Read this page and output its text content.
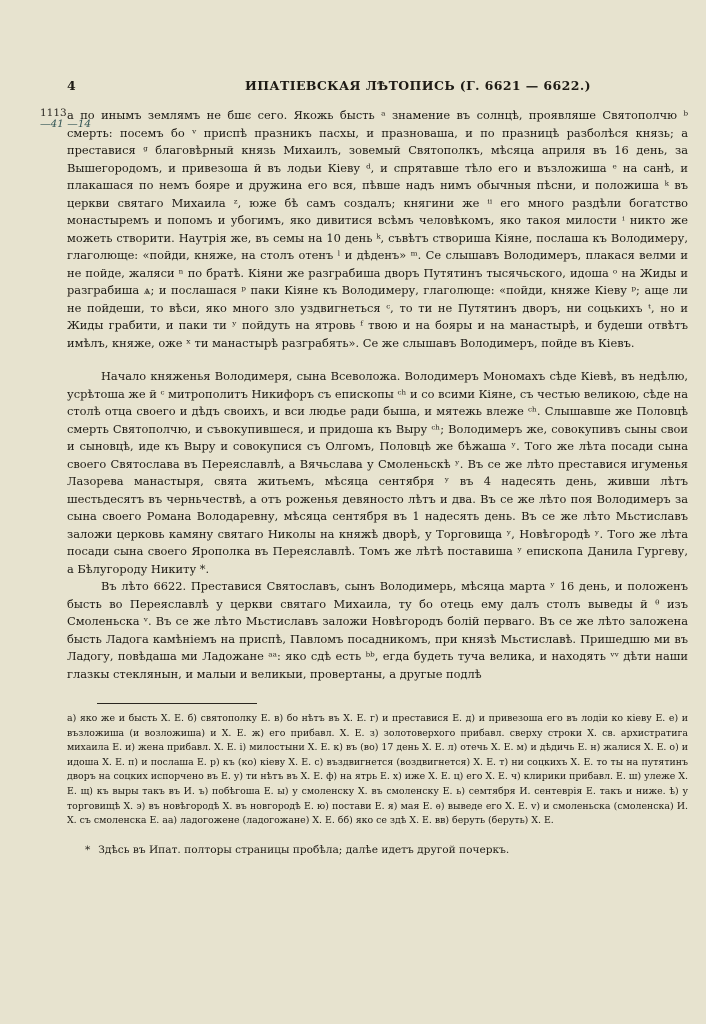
4	ИПАТІЕВСКАЯ ЛѢТОПИСЬ (Г. 6621 — 6622.)
1113
—41 —14

а по инымъ землямъ не бшє сего. Якожь бысть ᵃ знамение въ солнцѣ, проявляше Святополчю ᵇ смерть: посемъ бо ᵛ приспѣ празникъ пасхы, и празноваша, и по празницѣ разболѣся князь; а преставися ᵍ благовѣрный князь Михаилъ, зовемый Святополкъ, мѣсяца априля въ 16 день, за Вышегородомъ, и привезоша й въ лодьи Кіеву ᵈ, и спрятавше тѣло его и възложиша ᵉ на санѣ, и плакашася по немъ бояре и дружина его вся, пѣвше надъ нимъ обычныя пѣсни, и положиша ᵏ въ церкви святаго Михаила ᶻ, юже бѣ самъ создалъ; княгини же ⁱⁱ его много раздѣли богатство монастыремъ и попомъ и убогимъ, яко дивитися всѣмъ человѣкомъ, яко такоя милости ⁱ никто же можеть створити. Наутрія же, въ семы на 10 день ᵏ, съвѣтъ створиша Кіяне, послаша къ Володимеру, глаголюще: «пойди, княже, на столъ отенъ ˡ и дѣденъ» ᵐ. Се слышавъ Володимеръ, плакася велми и не пойде, жаляси ⁿ по братѣ. Кіяни же разграбиша дворъ Путятинъ тысячьского, идоша ᵒ на Жиды и разграбиша ѧ; и послашася ᵖ паки Кіяне къ Володимеру, глаголюще: «пойди, княже Кіеву ᵖ; аще ли не пойдеши, то вѣси, яко много зло уздвигнеться ᶜ, то ти не Путятинъ дворъ, ни соцькихъ ᵗ, но и Жиды грабити, и паки ти ʸ пойдуть на ятровь ᶠ твою и на бояры и на манастырѣ, и будеши отвѣтъ имѣлъ, княже, оже ˣ ти манастырѣ разграбять». Се же слышавъ Володимеръ, пойде въ Кіевъ.

Начало княженья Володимеря, сына Всеволожа. Володимеръ Мономахъ сѣде Кіевѣ, въ недѣлю, усрѣтоша же й ᶜ митрополитъ Никифоръ съ епископы ᶜʰ и со всими Кіяне, съ честью великою, сѣде на столѣ отца своего и дѣдъ своихъ, и вси людье ради быша, и мятежь влеже ᶜʰ. Слышавше же Половцѣ смерть Святополчю, и съвокупившеся, и придоша къ Выру ᶜʰ; Володимеръ же, совокупивъ сыны свои и сыновцѣ, иде къ Выру и совокупися съ Олгомъ, Половцѣ же бѣжаша ʸ. Того же лѣта посади сына своего Святослава въ Переяславлѣ, а Вячьслава у Смоленьскѣ ʸ. Въ се же лѣто преставися игуменья Лазорева манастыря, свята житьемъ, мѣсяца сентября ʸ въ 4 надесять день, живши лѣтъ шестьдесятъ въ черньчествѣ, а отъ роженья девяносто лѣтъ и два. Въ се же лѣто поя Володимеръ за сына своего Романа Володаревну, мѣсяца сентября въ 1 надесять день. Въ се же лѣто Мьстиславъ заложи церковь камяну святаго Николы на княжѣ дворѣ, у Торговища ʸ, Новѣгородѣ ʸ. Того же лѣта посади сына своего Ярополка въ Переяславлѣ. Томъ же лѣтѣ поставиша ʸ епископа Данила Гургеву, а Бѣлугороду Никиту *.

Въ лѣто 6622. Преставися Святославъ, сынъ Володимерь, мѣсяца марта ʸ 16 день, и положенъ бысть во Переяславлѣ у церкви святаго Михаила, ту бо отець ему далъ столъ выведы й ᶿ изъ Смоленьска ᵛ. Въ се же лѣто Мьстиславъ заложи Новѣгородъ болій перваго. Въ се же лѣто заложена бысть Ладога камѣніемъ на приспѣ, Павломъ посадникомъ, при князѣ Мьстиславѣ. Пришедшю ми въ Ладогу, повѣдаша ми Ладожане ᵃᵃ: яко сдѣ есть ᵇᵇ, егда будеть туча велика, и находять ᵛᵛ дѣти наши глазкы стеклянын, и малыи и великыи, провертаны, а другые подлѣ

а) яко же и бысть Х. Е. б) святополку Е. в) бо нѣтъ въ Х. Е. г) и преставися Е. д) и привезоша его въ лодіи ко кіеву Е. е) и възложиша (и возложиша) и Х. Е. ж) его прибавл. Х. Е. з) золотоверхого прибавл. сверху строки Х. св. архистратига михаила Е. и) жена прибавл. Х. Е. і) милостыни Х. Е. к) въ (во) 17 день Х. Е. л) отечь Х. Е. м) и дѣдичь Е. н) жалися Х. Е. о) и идоша Х. Е. п) и послаша Е. р) къ (ко) кіеву Х. Е. с) въздвигнется (воздвигнется) Х. Е. т) ни соцкихъ Х. Е. то ты на путятинъ дворъ на соцких испорчено въ Е. у) ти нѣтъ въ Х. Е. ф) на ятрь Е. х) иже Х. Е. ц) его Х. Е. ч) клирики прибавл. Е. ш) улеже Х. Е. щ) къ выры такъ въ И. ъ) побѣгоша Е. ы) у смоленску Х. въ смоленску Е. ь) семтября И. сентеврія Е. такъ и ниже. ѣ) у торговищѣ Х. э) въ новѣгородѣ Х. въ новгородѣ Е. ю) постави Е. я) мая Е. ѳ) выведе его Х. Е. v) и смоленьска (смоленска) И. Х. съ смоленска Е. аа) ладогожене (ладогожане) Х. Е. бб) яко се здѣ Х. Е. вв) беруть (беруть) Х. Е.

* Здѣсь въ Ипат. полторы страницы пробѣла; далѣе идетъ другой почеркъ.
